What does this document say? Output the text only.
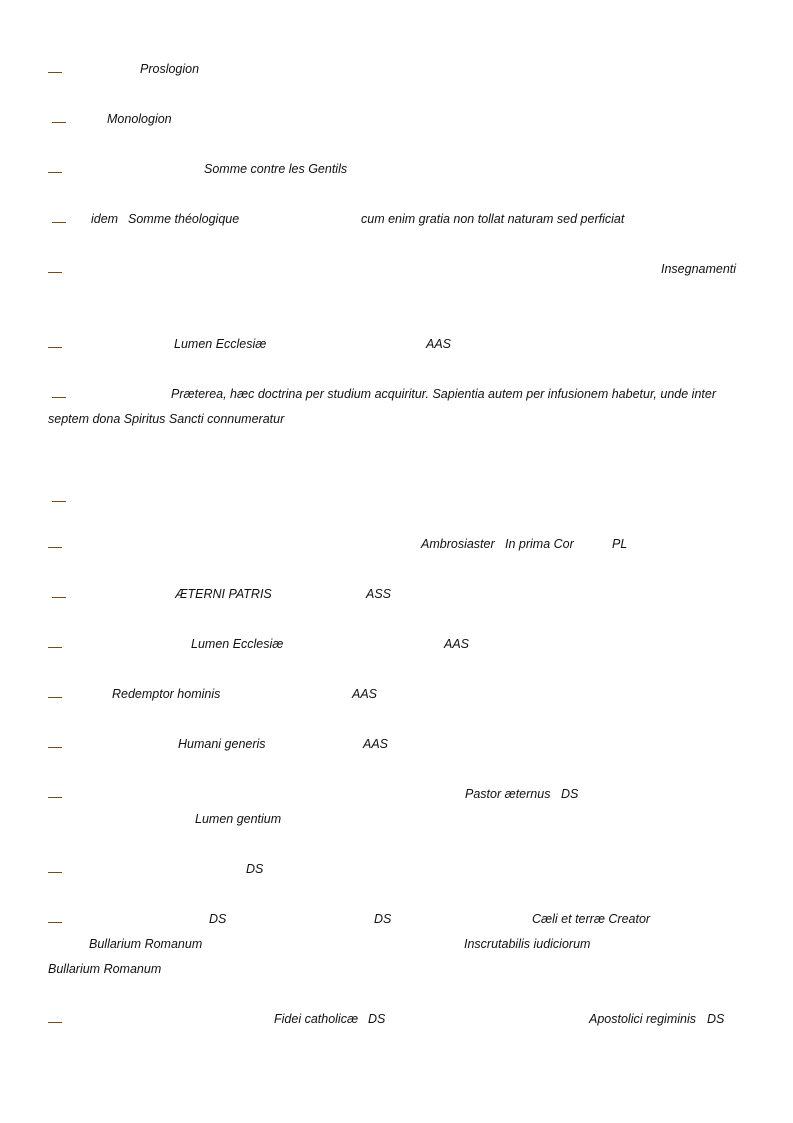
Proslogion
Monologion
Somme contre les Gentils
idem Somme théologique	cum enim gratia non tollat naturam sed perficiat
Insegnamenti
Lumen Ecclesiæ	AAS
Præterea, hæc doctrina per studium acquiritur. Sapientia autem per infusionem habetur, unde inter
septem dona Spiritus Sancti connumeratur
Ambrosiaster In prima Cor	PL
ÆTERNI PATRIS	ASS
Lumen Ecclesiæ	AAS
Redemptor hominis	AAS
Humani generis	AAS
Pastor æternus DS
Lumen gentium
DS
DS	DS	Cæli et terræ Creator
Bullarium Romanum	Inscrutabilis iudiciorum
Bullarium Romanum
Fidei catholicæ DS	Apostolici regiminis DS
